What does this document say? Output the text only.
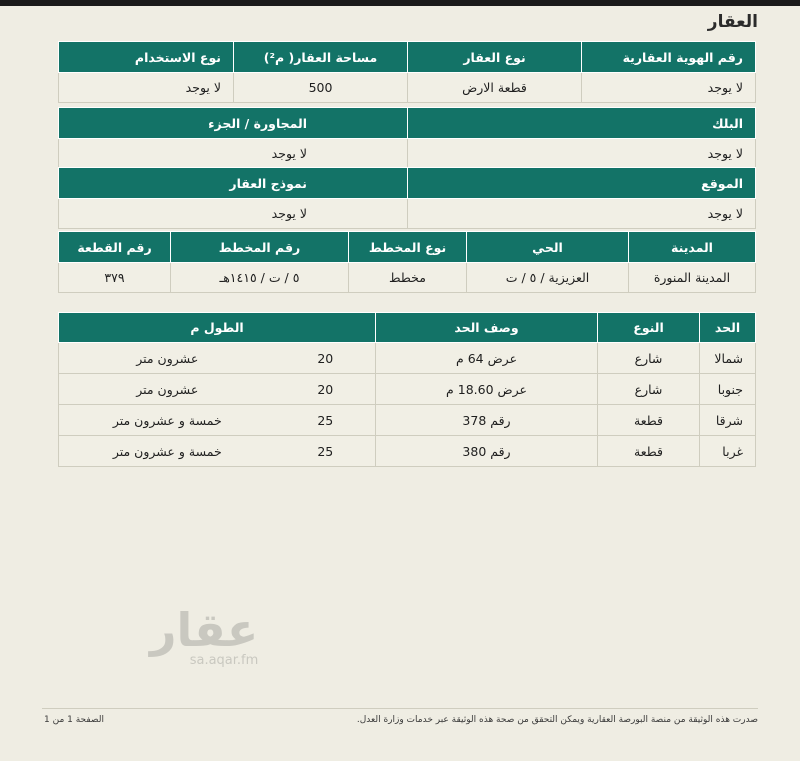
العقار
رقم الهوية العقارية	نوع العقار	مساحة العقار( م²)	نوع الاستخدام
لا يوجد	قطعة الارض	500	لا يوجد
البلك	المجاورة / الجزء
لا يوجد	لا يوجد
الموقع	نموذج العقار
لا يوجد	لا يوجد
المدينة	الحي	نوع المخطط	رقم المخطط	رقم القطعة
المدينة المنورة	العزيزية / ٥ / ت	مخطط	٥ / ت / ١٤١٥هـ	٣٧٩
الحد	النوع	وصف الحد	الطول م	
شمالا	شارع	عرض 64 م	20	عشرون متر
جنوبا	شارع	عرض 18.60 م	20	عشرون متر
شرقا	قطعة	رقم 378	25	خمسة و عشرون متر
غربا	قطعة	رقم 380	25	خمسة و عشرون متر
عقار
sa.aqar.fm
صدرت هذه الوثيقة من منصة البورصة العقارية ويمكن التحقق من صحة هذه الوثيقة عبر خدمات وزارة العدل.
الصفحة 1 من 1
